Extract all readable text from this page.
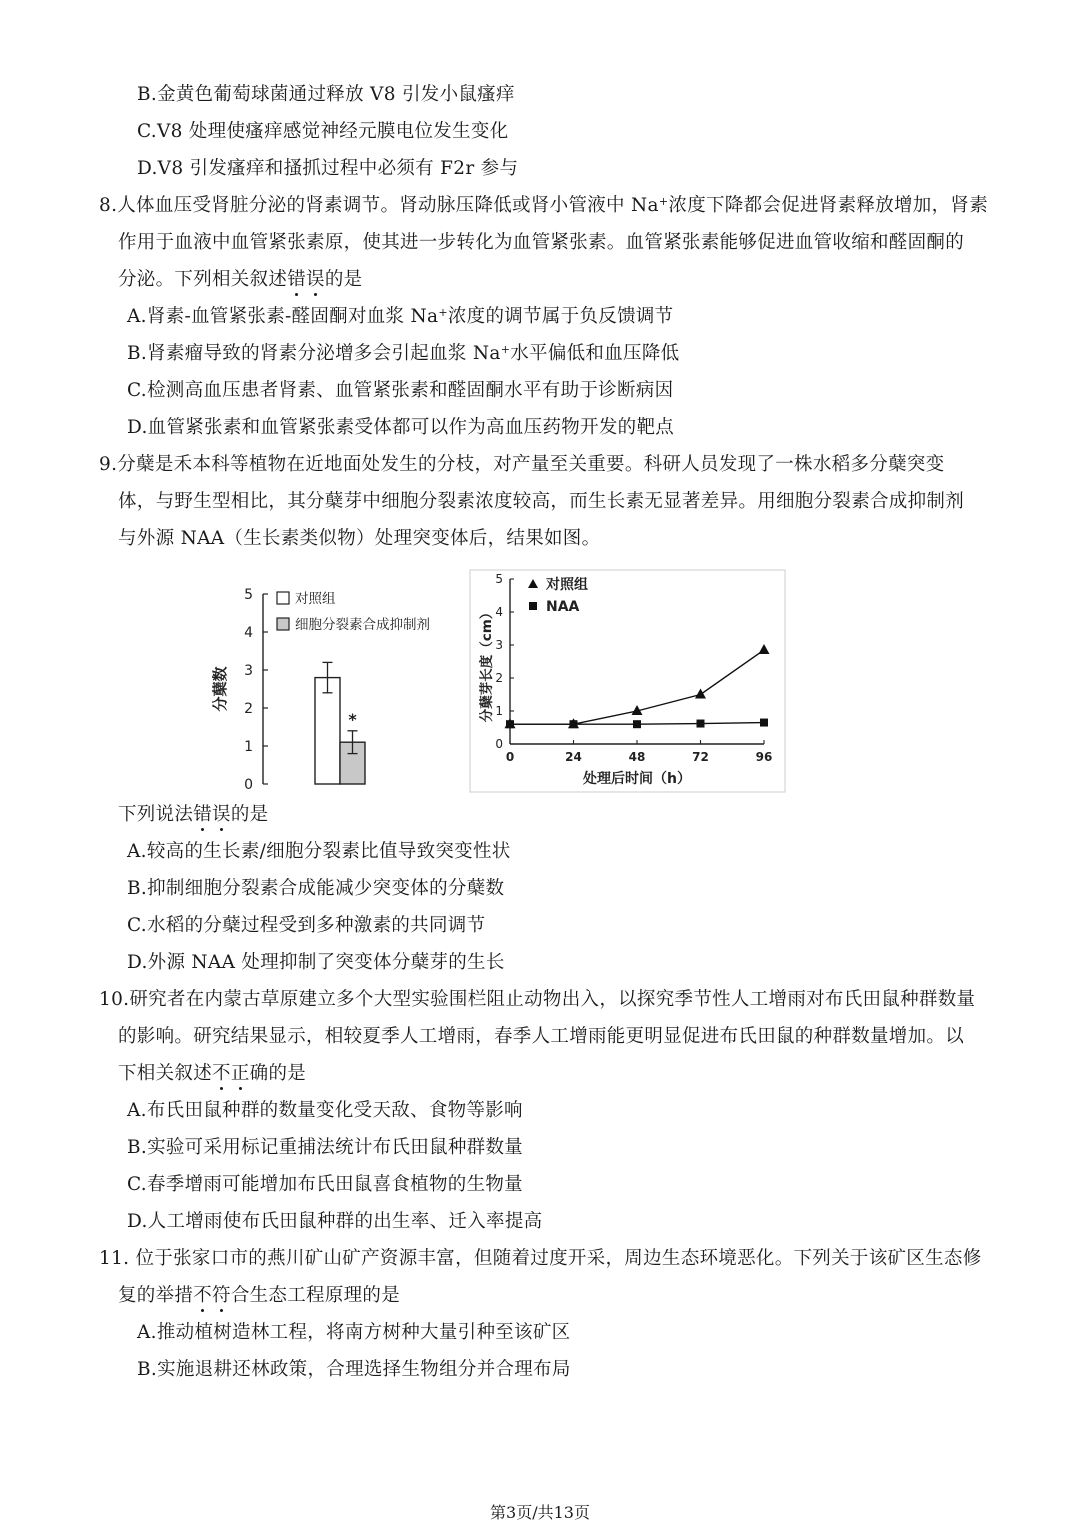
B.金黄色葡萄球菌通过释放 V8 引发小鼠瘙痒
C.V8 处理使瘙痒感觉神经元膜电位发生变化
D.V8 引发瘙痒和搔抓过程中必须有 F2r 参与
8.人体血压受肾脏分泌的肾素调节。肾动脉压降低或肾小管液中 Na+浓度下降都会促进肾素释放增加，肾素
作用于血液中血管紧张素原，使其进一步转化为血管紧张素。血管紧张素能够促进血管收缩和醛固酮的
分泌。下列相关叙述错误的是
A.肾素-血管紧张素-醛固酮对血浆 Na+浓度的调节属于负反馈调节
B.肾素瘤导致的肾素分泌增多会引起血浆 Na+水平偏低和血压降低
C.检测高血压患者肾素、血管紧张素和醛固酮水平有助于诊断病因
D.血管紧张素和血管紧张素受体都可以作为高血压药物开发的靶点
9.分蘖是禾本科等植物在近地面处发生的分枝，对产量至关重要。科研人员发现了一株水稻多分蘖突变
体，与野生型相比，其分蘖芽中细胞分裂素浓度较高，而生长素无显著差异。用细胞分裂素合成抑制剂
与外源 NAA（生长素类似物）处理突变体后，结果如图。
0
1
2
3
4
5
分蘖数
对照组
细胞分裂素合成抑制剂
*
0
1
2
3
4
5
0	24	48	72	96
处理后时间（h）
分蘖芽长度（cm）
对照组
NAA
下列说法错误的是
A.较高的生长素/细胞分裂素比值导致突变性状
B.抑制细胞分裂素合成能减少突变体的分蘖数
C.水稻的分蘖过程受到多种激素的共同调节
D.外源 NAA 处理抑制了突变体分蘖芽的生长
10.研究者在内蒙古草原建立多个大型实验围栏阻止动物出入，以探究季节性人工增雨对布氏田鼠种群数量
的影响。研究结果显示，相较夏季人工增雨，春季人工增雨能更明显促进布氏田鼠的种群数量增加。以
下相关叙述不正确的是
A.布氏田鼠种群的数量变化受天敌、食物等影响
B.实验可采用标记重捕法统计布氏田鼠种群数量
C.春季增雨可能增加布氏田鼠喜食植物的生物量
D.人工增雨使布氏田鼠种群的出生率、迁入率提高
11. 位于张家口市的燕川矿山矿产资源丰富，但随着过度开采，周边生态环境恶化。下列关于该矿区生态修
复的举措不符合生态工程原理的是
A.推动植树造林工程，将南方树种大量引种至该矿区
B.实施退耕还林政策，合理选择生物组分并合理布局
第3页/共13页
